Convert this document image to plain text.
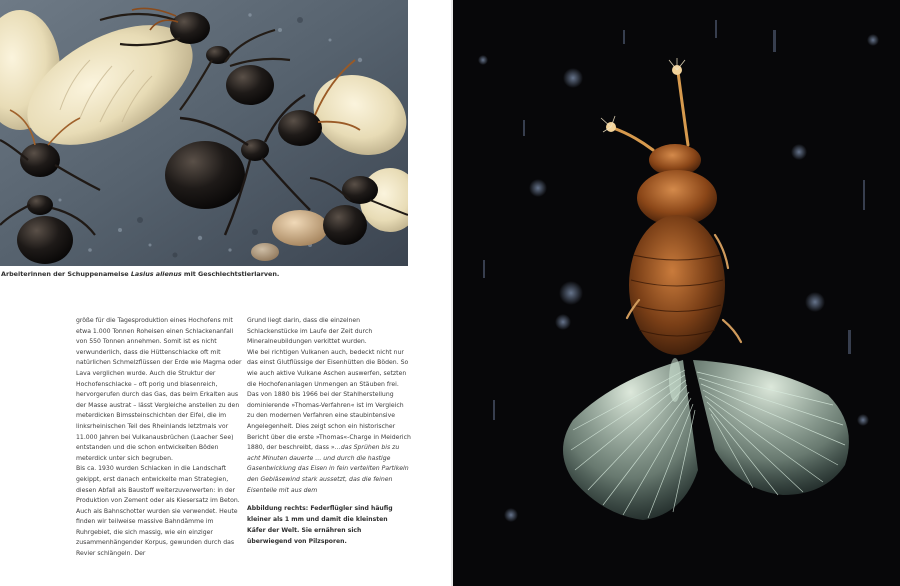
Arbeiterinnen der Schuppenameise Lasius alienus mit Geschlechtstierlarven.

größe für die Tagesproduktion eines Hochofens mit etwa 1.000 Tonnen Roheisen einen Schlackenanfall von 550 Tonnen annehmen. Somit ist es nicht verwunderlich, dass die Hüttenschlacke oft mit natürlichen Schmelzflüssen der Erde wie Magma oder Lava verglichen wurde. Auch die Struktur der Hochofenschlacke – oft porig und blasenreich, hervorgerufen durch das Gas, das beim Erkalten aus der Masse austrat – lässt Vergleiche anstellen zu den meterdicken Bimssteinschichten der Eifel, die im linksrheinischen Teil des Rheinlands letztmals vor 11.000 Jahren bei Vulkanausbrüchen (Laacher See) entstanden und die schon entwickelten Böden meterdick unter sich begruben.

Bis ca. 1930 wurden Schlacken in die Landschaft gekippt, erst danach entwickelte man Strategien, diesen Abfall als Baustoff weiterzuverwerten: in der Produktion von Zement oder als Kiesersatz im Beton. Auch als Bahnschotter wurden sie verwendet. Heute finden wir teilweise massive Bahndämme im Ruhrgebiet, die sich massig, wie ein einziger zusammenhängender Korpus, gewunden durch das Revier schlängeln. Der

Grund liegt darin, dass die einzelnen Schlackenstücke im Laufe der Zeit durch Mineralneubildungen verkittet wurden.

Wie bei richtigen Vulkanen auch, bedeckt nicht nur das einst Glutflüssige der Eisenhütten die Böden. So wie auch aktive Vulkane Aschen auswerfen, setzten die Hochofenanlagen Unmengen an Stäuben frei. Das von 1880 bis 1966 bei der Stahlherstellung dominierende »Thomas-Verfahren« ist im Vergleich zu den modernen Verfahren eine staubintensive Angelegenheit. Dies zeigt schon ein historischer Bericht über die erste »Thomas«-Charge in Meiderich 1880, der beschreibt, dass »…das Sprühen bis zu acht Minuten dauerte … und durch die hastige Gasentwicklung das Eisen in fein verteilten Partikeln den Gebläsewind stark aussetzt, das die feinen Eisenteile mit aus dem

Abbildung rechts: Federflügler sind häufig kleiner als 1 mm und damit die kleinsten Käfer der Welt. Sie ernähren sich überwiegend von Pilzsporen.
